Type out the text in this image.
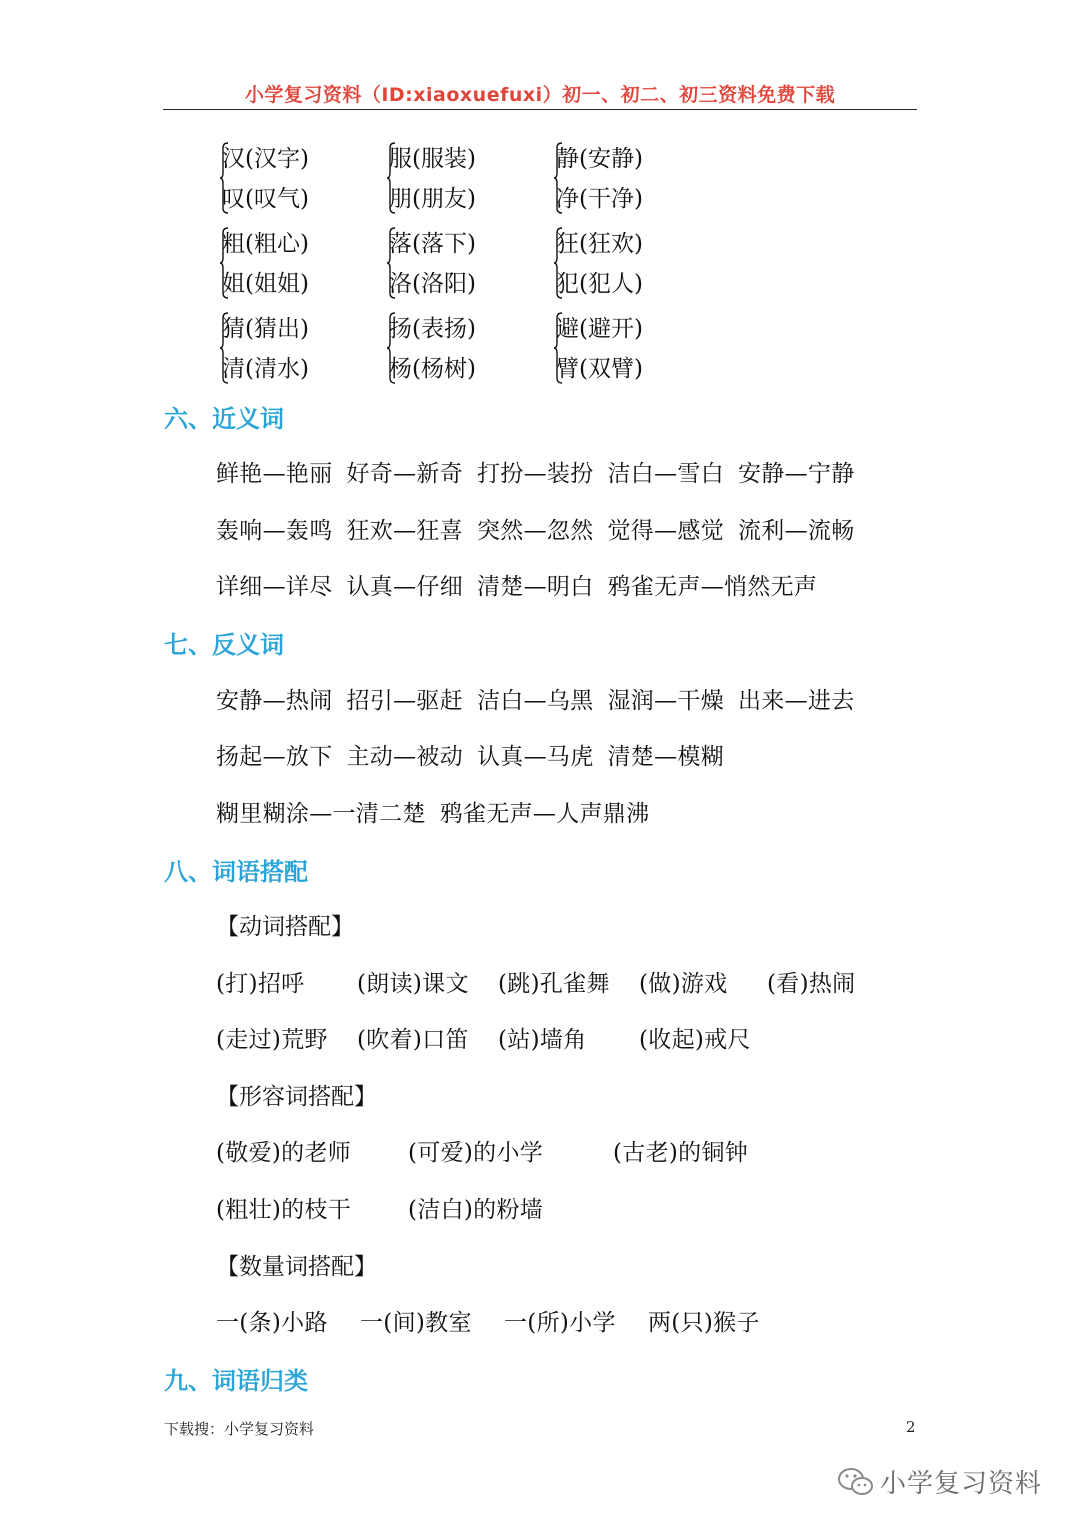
小学复习资料（ID:xiaoxuefuxi）初一、初二、初三资料免费下载
汉(汉字)
叹(叹气)
服(服装)
朋(朋友)
静(安静)
净(干净)
粗(粗心)
姐(姐姐)
落(落下)
洛(洛阳)
狂(狂欢)
犯(犯人)
猜(猜出)
清(清水)
扬(表扬)
杨(杨树)
避(避开)
臂(双臂)
六、近义词
鲜艳—艳丽 好奇—新奇 打扮—装扮 洁白—雪白 安静—宁静
轰响—轰鸣 狂欢—狂喜 突然—忽然 觉得—感觉 流利—流畅
详细—详尽 认真—仔细 清楚—明白 鸦雀无声—悄然无声
七、反义词
安静—热闹 招引—驱赶 洁白—乌黑 湿润—干燥 出来—进去
扬起—放下 主动—被动 认真—马虎 清楚—模糊
糊里糊涂—一清二楚 鸦雀无声—人声鼎沸
八、词语搭配
【动词搭配】
(打)招呼 (朗读)课文 (跳)孔雀舞 (做)游戏 (看)热闹
(走过)荒野 (吹着)口笛 (站)墙角 (收起)戒尺
【形容词搭配】
(敬爱)的老师 (可爱)的小学	(古老)的铜钟
(粗壮)的枝干 (洁白)的粉墙
【数量词搭配】
一(条)小路 一(间)教室 一(所)小学 两(只)猴子
九、词语归类
下载搜：小学复习资料	2
小学复习资料
